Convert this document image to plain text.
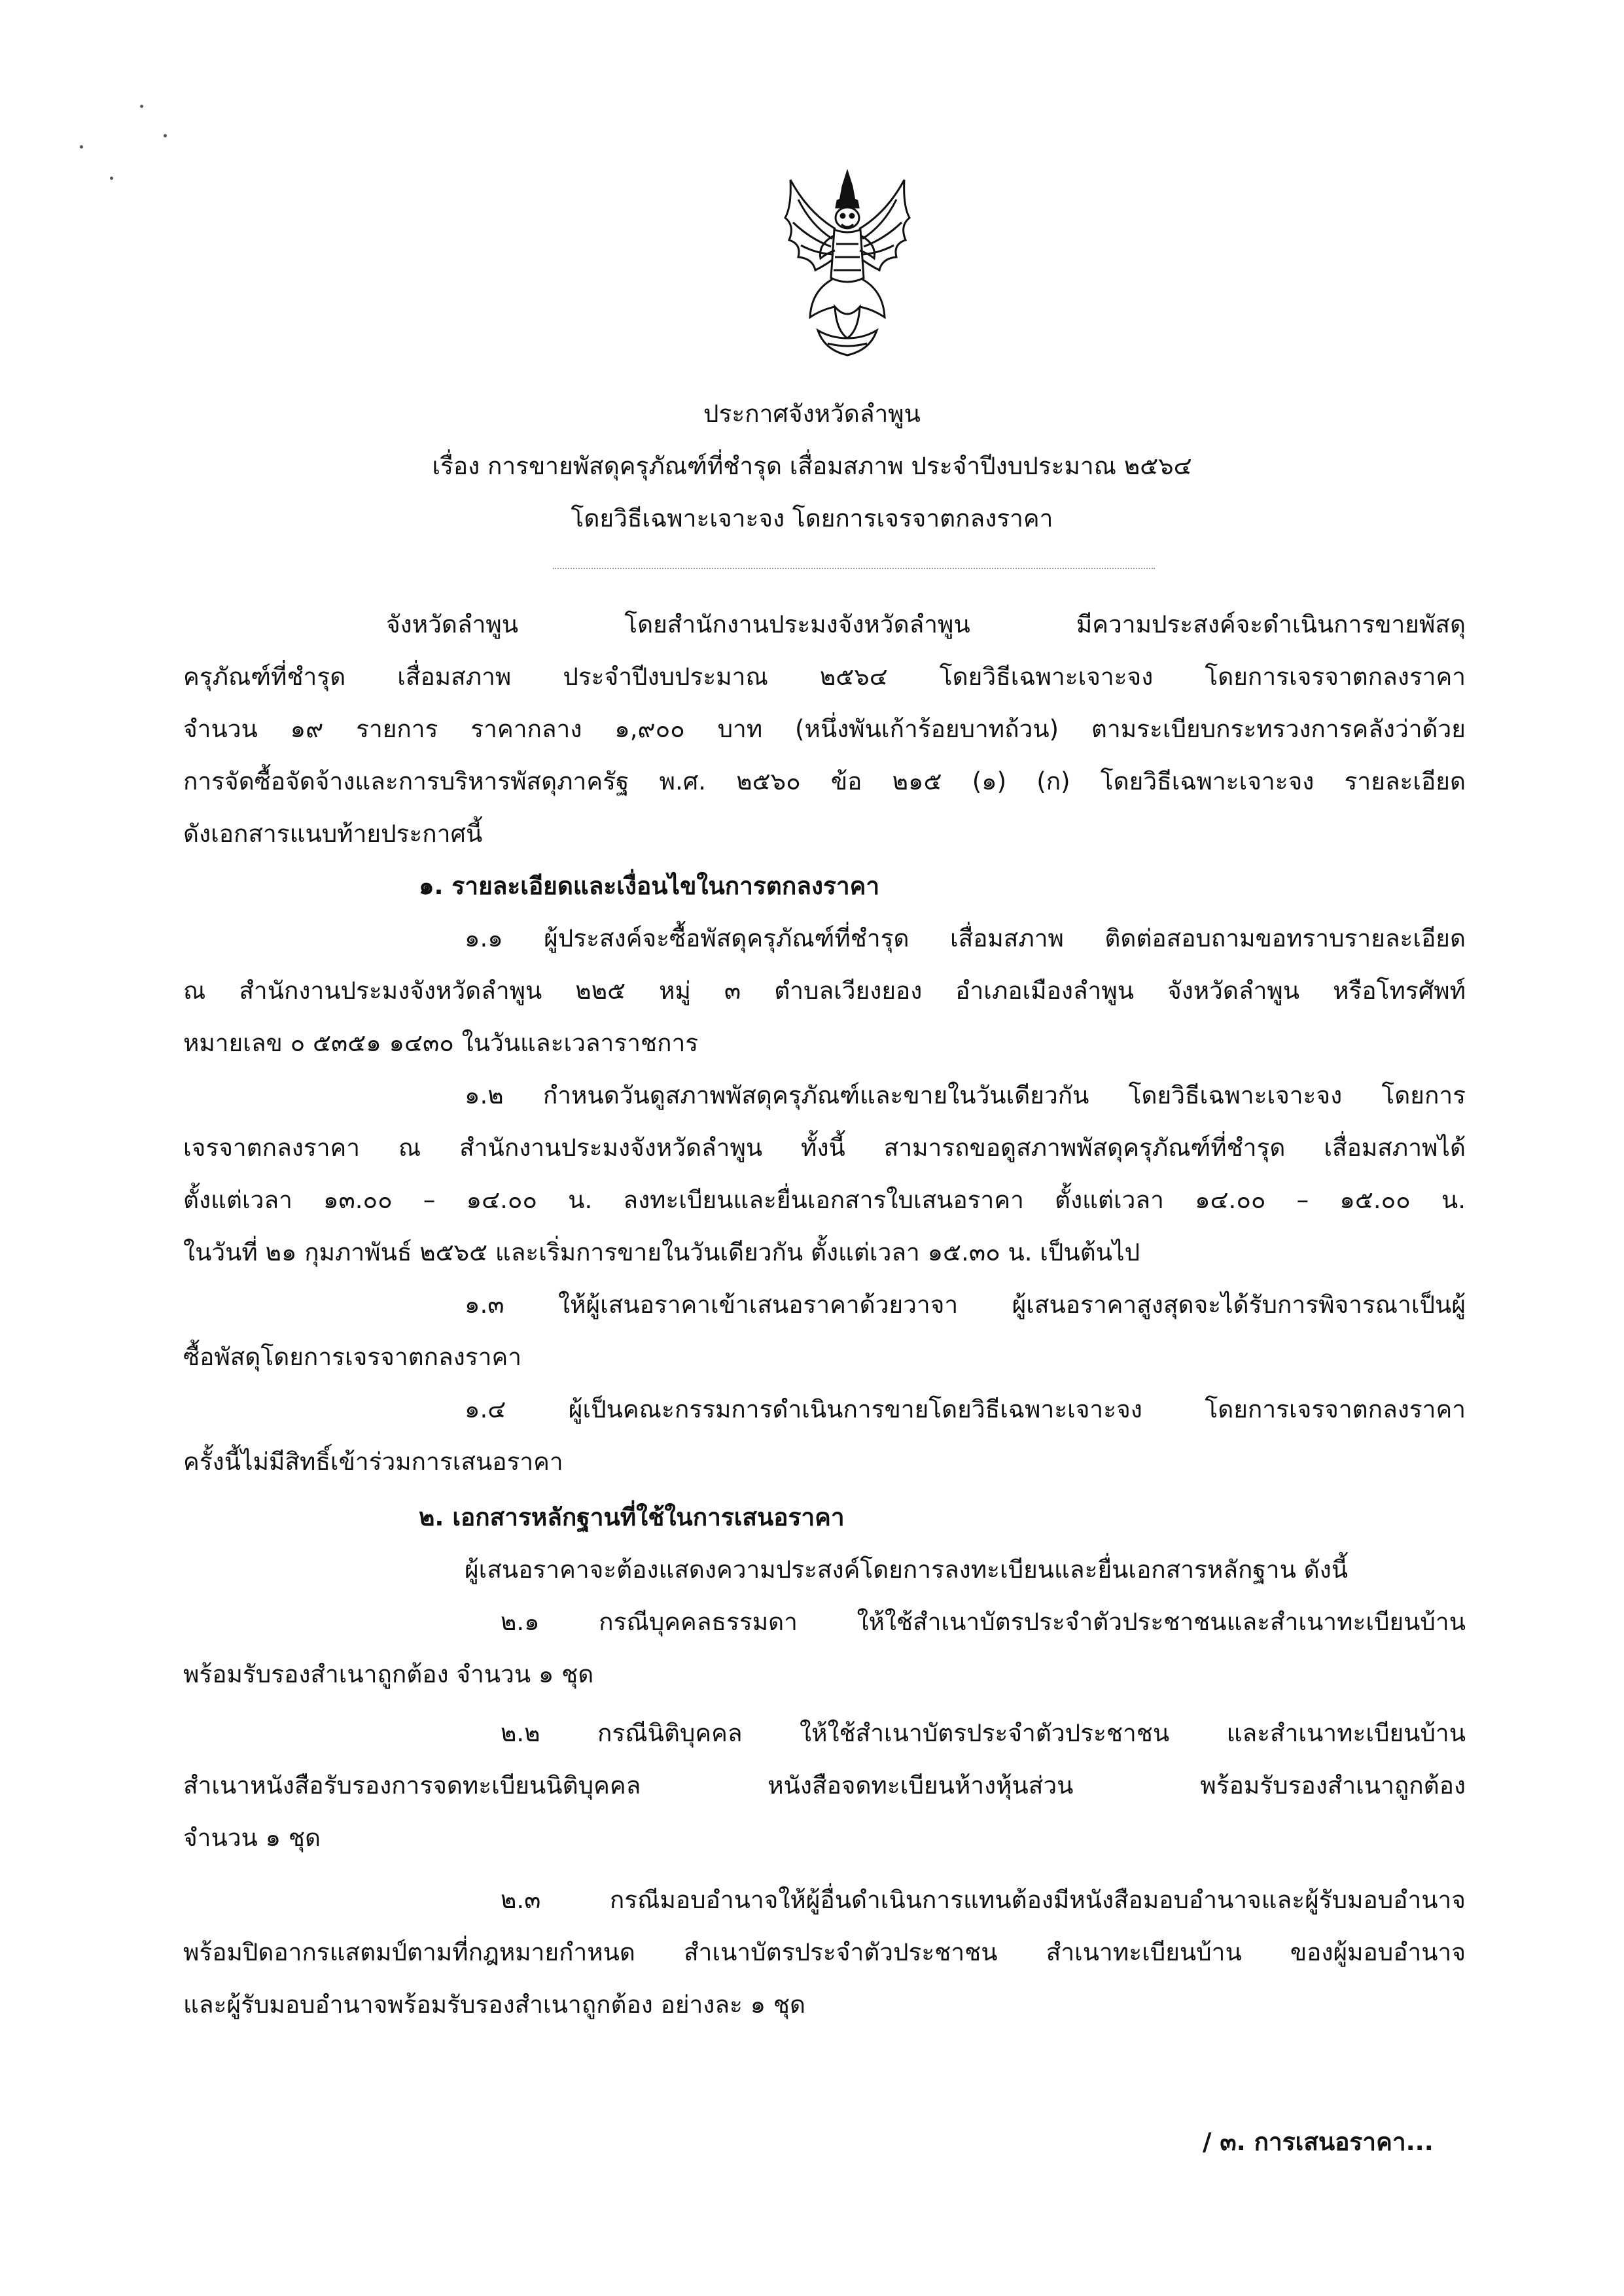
ประกาศจังหวัดลำพูน
เรื่อง การขายพัสดุครุภัณฑ์ที่ชำรุด เสื่อมสภาพ ประจำปีงบประมาณ ๒๕๖๔
โดยวิธีเฉพาะเจาะจง โดยการเจรจาตกลงราคา
จังหวัดลำพูน โดยสำนักงานประมงจังหวัดลำพูน มีความประสงค์จะดำเนินการขายพัสดุ
ครุภัณฑ์ที่ชำรุด เสื่อมสภาพ ประจำปีงบประมาณ ๒๕๖๔ โดยวิธีเฉพาะเจาะจง โดยการเจรจาตกลงราคา
จำนวน ๑๙ รายการ ราคากลาง ๑,๙๐๐ บาท (หนึ่งพันเก้าร้อยบาทถ้วน) ตามระเบียบกระทรวงการคลังว่าด้วย
การจัดซื้อจัดจ้างและการบริหารพัสดุภาครัฐ พ.ศ. ๒๕๖๐ ข้อ ๒๑๕ (๑) (ก) โดยวิธีเฉพาะเจาะจง รายละเอียด
ดังเอกสารแนบท้ายประกาศนี้
๑. รายละเอียดและเงื่อนไขในการตกลงราคา
๑.๑ ผู้ประสงค์จะซื้อพัสดุครุภัณฑ์ที่ชำรุด เสื่อมสภาพ ติดต่อสอบถามขอทราบรายละเอียด
ณ สำนักงานประมงจังหวัดลำพูน ๒๒๕ หมู่ ๓ ตำบลเวียงยอง อำเภอเมืองลำพูน จังหวัดลำพูน หรือโทรศัพท์
หมายเลข ๐ ๕๓๕๑ ๑๔๓๐ ในวันและเวลาราชการ
๑.๒ กำหนดวันดูสภาพพัสดุครุภัณฑ์และขายในวันเดียวกัน โดยวิธีเฉพาะเจาะจง โดยการ
เจรจาตกลงราคา ณ สำนักงานประมงจังหวัดลำพูน ทั้งนี้ สามารถขอดูสภาพพัสดุครุภัณฑ์ที่ชำรุด เสื่อมสภาพได้
ตั้งแต่เวลา ๑๓.๐๐ – ๑๔.๐๐ น. ลงทะเบียนและยื่นเอกสารใบเสนอราคา ตั้งแต่เวลา ๑๔.๐๐ – ๑๕.๐๐ น.
ในวันที่ ๒๑ กุมภาพันธ์ ๒๕๖๕ และเริ่มการขายในวันเดียวกัน ตั้งแต่เวลา ๑๕.๓๐ น. เป็นต้นไป
๑.๓ ให้ผู้เสนอราคาเข้าเสนอราคาด้วยวาจา ผู้เสนอราคาสูงสุดจะได้รับการพิจารณาเป็นผู้
ซื้อพัสดุโดยการเจรจาตกลงราคา
๑.๔ ผู้เป็นคณะกรรมการดำเนินการขายโดยวิธีเฉพาะเจาะจง โดยการเจรจาตกลงราคา
ครั้งนี้ไม่มีสิทธิ์เข้าร่วมการเสนอราคา
๒. เอกสารหลักฐานที่ใช้ในการเสนอราคา
ผู้เสนอราคาจะต้องแสดงความประสงค์โดยการลงทะเบียนและยื่นเอกสารหลักฐาน ดังนี้
๒.๑ กรณีบุคคลธรรมดา ให้ใช้สำเนาบัตรประจำตัวประชาชนและสำเนาทะเบียนบ้าน
พร้อมรับรองสำเนาถูกต้อง จำนวน ๑ ชุด
๒.๒ กรณีนิติบุคคล ให้ใช้สำเนาบัตรประจำตัวประชาชน และสำเนาทะเบียนบ้าน
สำเนาหนังสือรับรองการจดทะเบียนนิติบุคคล หนังสือจดทะเบียนห้างหุ้นส่วน พร้อมรับรองสำเนาถูกต้อง
จำนวน ๑ ชุด
๒.๓ กรณีมอบอำนาจให้ผู้อื่นดำเนินการแทนต้องมีหนังสือมอบอำนาจและผู้รับมอบอำนาจ
พร้อมปิดอากรแสตมป์ตามที่กฎหมายกำหนด สำเนาบัตรประจำตัวประชาชน สำเนาทะเบียนบ้าน ของผู้มอบอำนาจ
และผู้รับมอบอำนาจพร้อมรับรองสำเนาถูกต้อง อย่างละ ๑ ชุด
/ ๓. การเสนอราคา...
